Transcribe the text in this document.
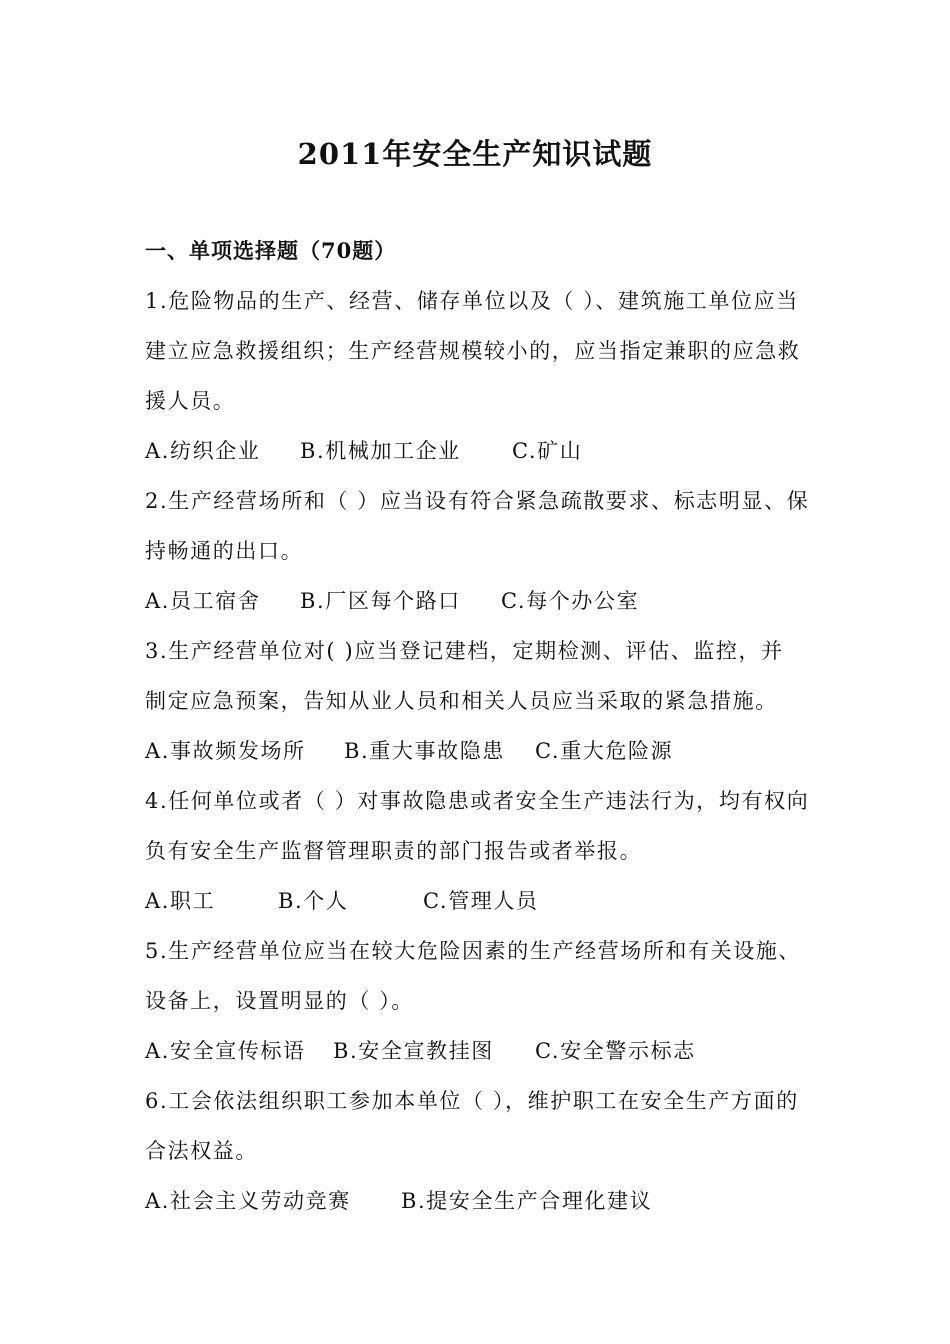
2011年安全生产知识试题
一、单项选择题（70题）
1.危险物品的生产、经营、储存单位以及（ ）、建筑施工单位应当
建立应急救援组织；生产经营规模较小的，应当指定兼职的应急救
援人员。
A.纺织企业 B.机械加工企业 C.矿山
2.生产经营场所和（ ）应当设有符合紧急疏散要求、标志明显、保
持畅通的出口。
A.员工宿舍 B.厂区每个路口 C.每个办公室
3.生产经营单位对( )应当登记建档，定期检测、评估、监控，并
制定应急预案，告知从业人员和相关人员应当采取的紧急措施。
A.事故频发场所 B.重大事故隐患 C.重大危险源
4.任何单位或者（ ）对事故隐患或者安全生产违法行为，均有权向
负有安全生产监督管理职责的部门报告或者举报。
A.职工	B.个人	C.管理人员
5.生产经营单位应当在较大危险因素的生产经营场所和有关设施、
设备上，设置明显的（ ）。
A.安全宣传标语 B.安全宣教挂图 C.安全警示标志
6.工会依法组织职工参加本单位（ ），维护职工在安全生产方面的
合法权益。
A.社会主义劳动竞赛 B.提安全生产合理化建议
